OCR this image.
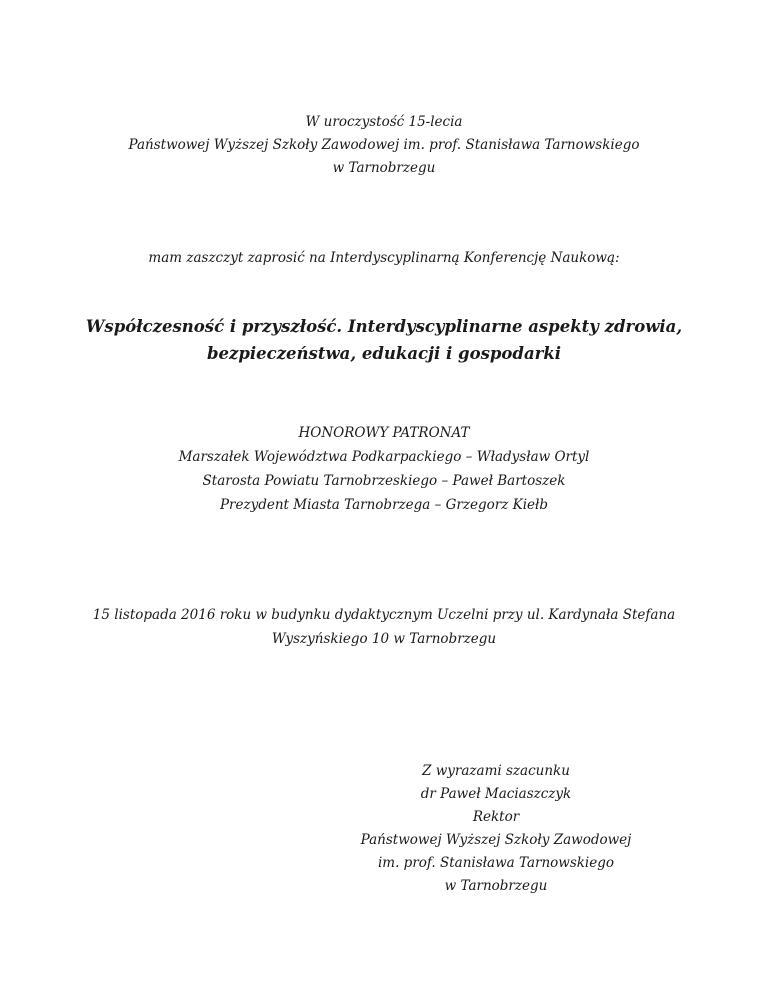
W uroczystość 15-lecia

Państwowej Wyższej Szkoły Zawodowej im. prof. Stanisława Tarnowskiego

w Tarnobrzegu

mam zaszczyt zaprosić na Interdyscyplinarną Konferencję Naukową:

Współczesność i przyszłość. Interdyscyplinarne aspekty zdrowia,

bezpieczeństwa, edukacji i gospodarki

HONOROWY PATRONAT

Marszałek Województwa Podkarpackiego – Władysław Ortyl

Starosta Powiatu Tarnobrzeskiego – Paweł Bartoszek

Prezydent Miasta Tarnobrzega – Grzegorz Kiełb

15 listopada 2016 roku w budynku dydaktycznym Uczelni przy ul. Kardynała Stefana

Wyszyńskiego 10 w Tarnobrzegu

Z wyrazami szacunku

dr Paweł Maciaszczyk

Rektor

Państwowej Wyższej Szkoły Zawodowej

im. prof. Stanisława Tarnowskiego

w Tarnobrzegu
